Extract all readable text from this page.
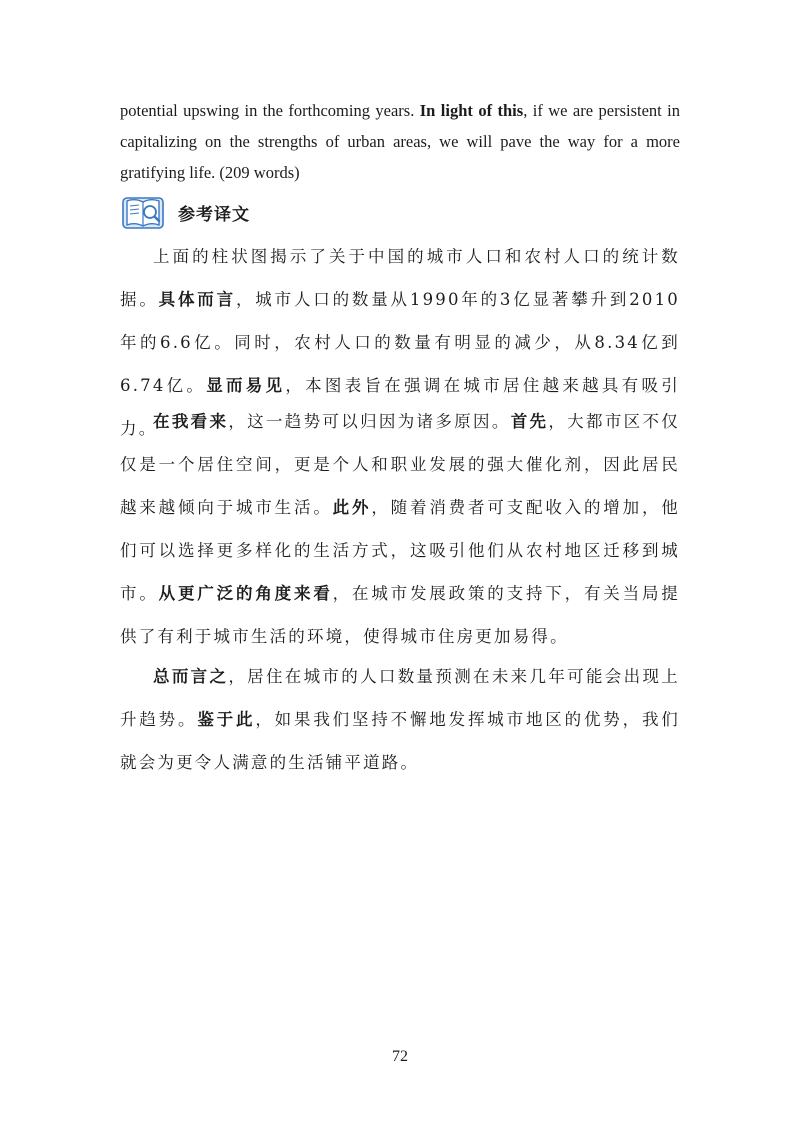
potential upswing in the forthcoming years. In light of this, if we are persistent in capitalizing on the strengths of urban areas, we will pave the way for a more gratifying life. (209 words)

参考译文

上面的柱状图揭示了关于中国的城市人口和农村人口的统计数据。具体而言，城市人口的数量从1990年的3亿显著攀升到2010年的6.6亿。同时，农村人口的数量有明显的减少，从8.34亿到6.74亿。显而易见，本图表旨在强调在城市居住越来越具有吸引力。

在我看来，这一趋势可以归因为诸多原因。首先，大都市区不仅仅是一个居住空间，更是个人和职业发展的强大催化剂，因此居民越来越倾向于城市生活。此外，随着消费者可支配收入的增加，他们可以选择更多样化的生活方式，这吸引他们从农村地区迁移到城市。从更广泛的角度来看，在城市发展政策的支持下，有关当局提供了有利于城市生活的环境，使得城市住房更加易得。

总而言之，居住在城市的人口数量预测在未来几年可能会出现上升趋势。鉴于此，如果我们坚持不懈地发挥城市地区的优势，我们就会为更令人满意的生活铺平道路。

72
